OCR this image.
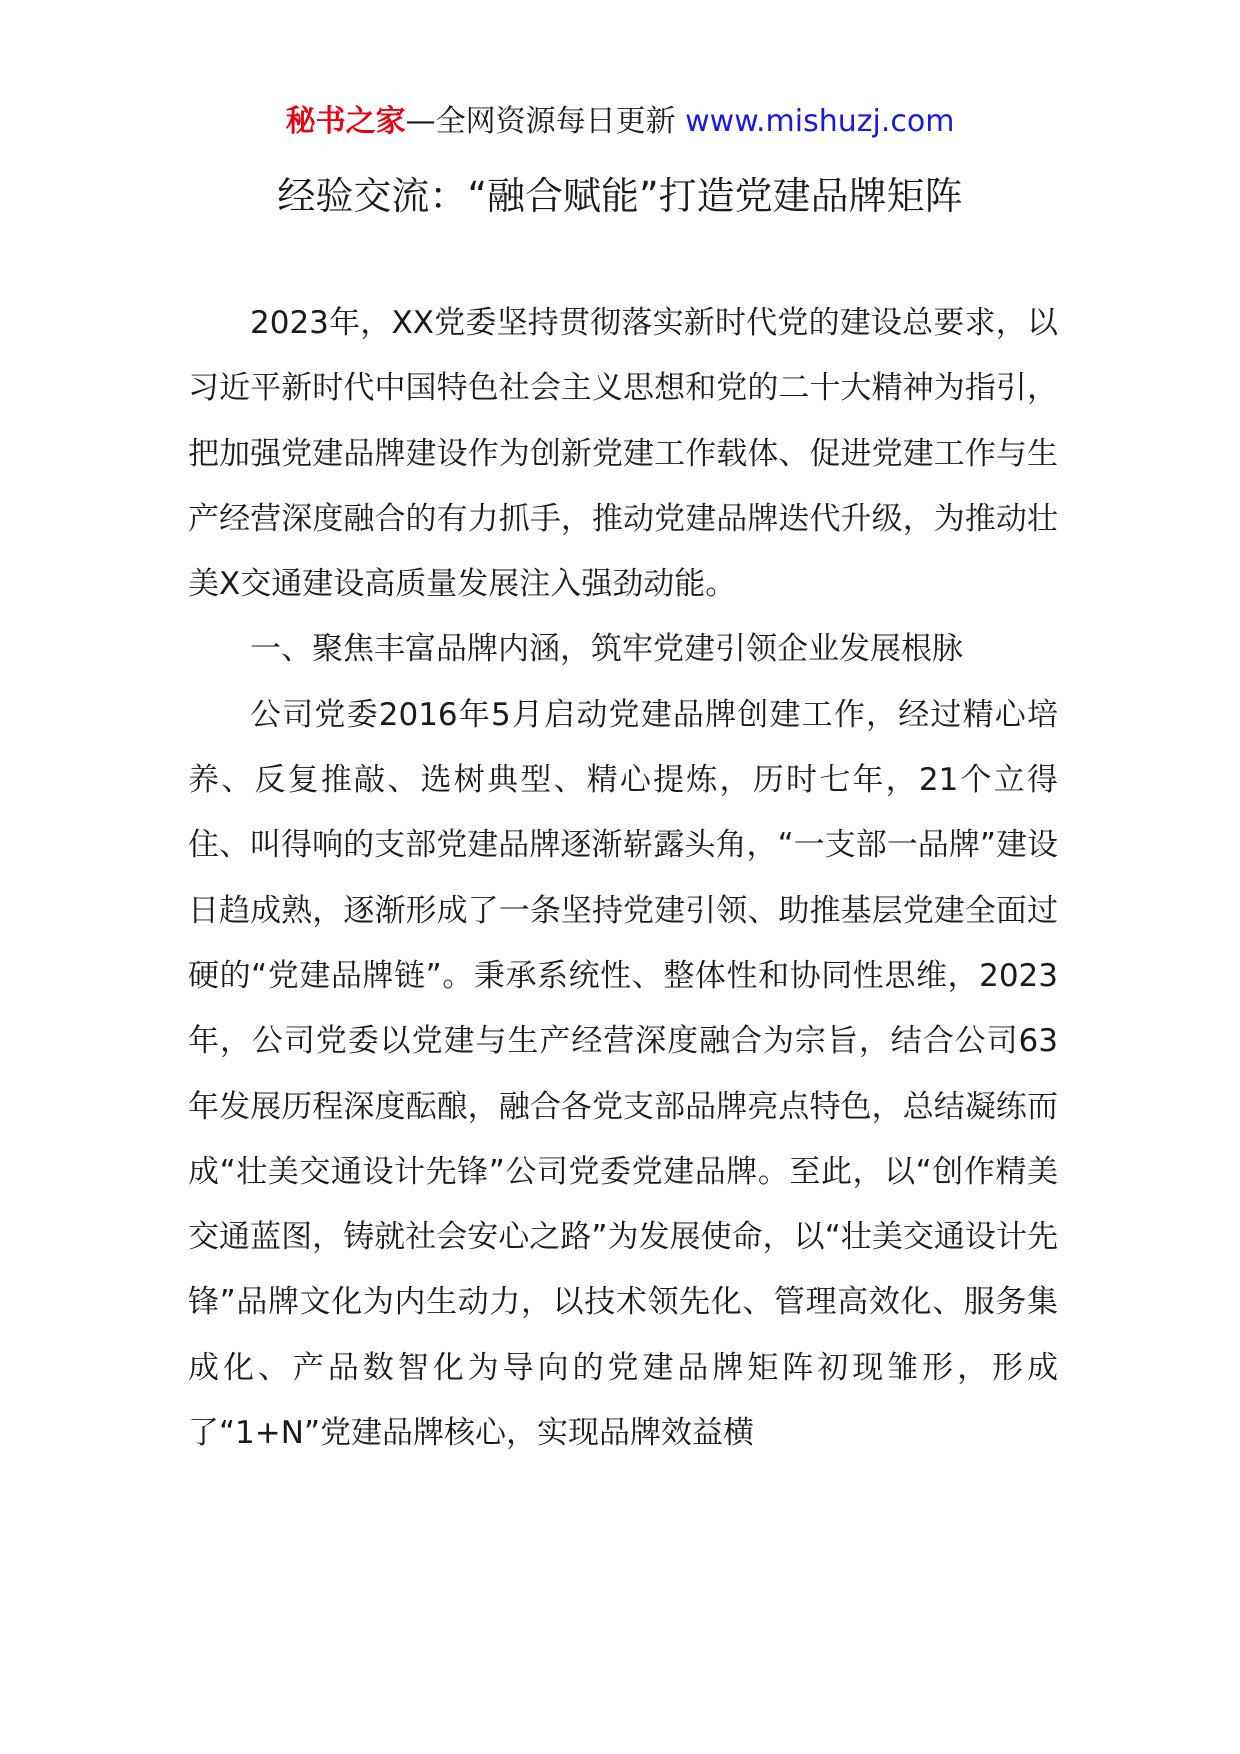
秘书之家—全网资源每日更新 www.mishuzj.com
经验交流：“融合赋能”打造党建品牌矩阵

2023年，XX党委坚持贯彻落实新时代党的建设总要求，以习近平新时代中国特色社会主义思想和党的二十大精神为指引，把加强党建品牌建设作为创新党建工作载体、促进党建工作与生产经营深度融合的有力抓手，推动党建品牌迭代升级，为推动壮美X交通建设高质量发展注入强劲动能。

一、聚焦丰富品牌内涵，筑牢党建引领企业发展根脉

公司党委2016年5月启动党建品牌创建工作，经过精心培养、反复推敲、选树典型、精心提炼，历时七年，21个立得住、叫得响的支部党建品牌逐渐崭露头角，“一支部一品牌”建设日趋成熟，逐渐形成了一条坚持党建引领、助推基层党建全面过硬的“党建品牌链”。秉承系统性、整体性和协同性思维，2023年，公司党委以党建与生产经营深度融合为宗旨，结合公司63年发展历程深度酝酿，融合各党支部品牌亮点特色，总结凝练而成“壮美交通设计先锋”公司党委党建品牌。至此，以“创作精美交通蓝图，铸就社会安心之路”为发展使命，以“壮美交通设计先锋”品牌文化为内生动力，以技术领先化、管理高效化、服务集成化、产品数智化为导向的党建品牌矩阵初现雏形，形成了“1+N”党建品牌核心，实现品牌效益横
